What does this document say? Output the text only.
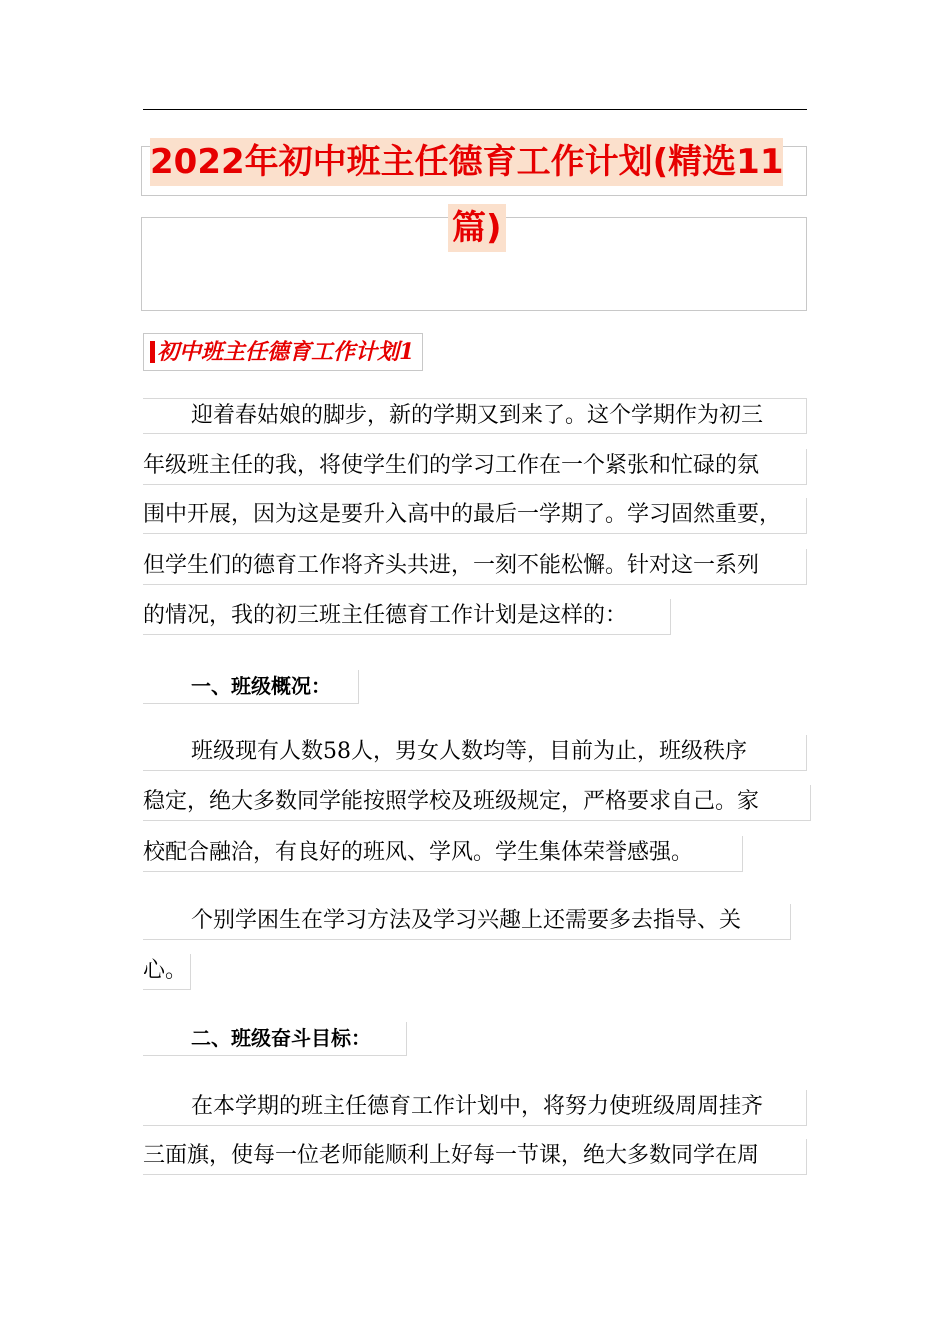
2022年初中班主任德育工作计划(精选11
篇)
初中班主任德育工作计划1
迎着春姑娘的脚步，新的学期又到来了。这个学期作为初三
年级班主任的我，将使学生们的学习工作在一个紧张和忙碌的氛
围中开展，因为这是要升入高中的最后一学期了。学习固然重要，
但学生们的德育工作将齐头共进，一刻不能松懈。针对这一系列
的情况，我的初三班主任德育工作计划是这样的：
一、班级概况：
班级现有人数58人，男女人数均等，目前为止，班级秩序
稳定，绝大多数同学能按照学校及班级规定，严格要求自己。家
校配合融洽，有良好的班风、学风。学生集体荣誉感强。
个别学困生在学习方法及学习兴趣上还需要多去指导、关
心。
二、班级奋斗目标：
在本学期的班主任德育工作计划中，将努力使班级周周挂齐
三面旗，使每一位老师能顺利上好每一节课，绝大多数同学在周
